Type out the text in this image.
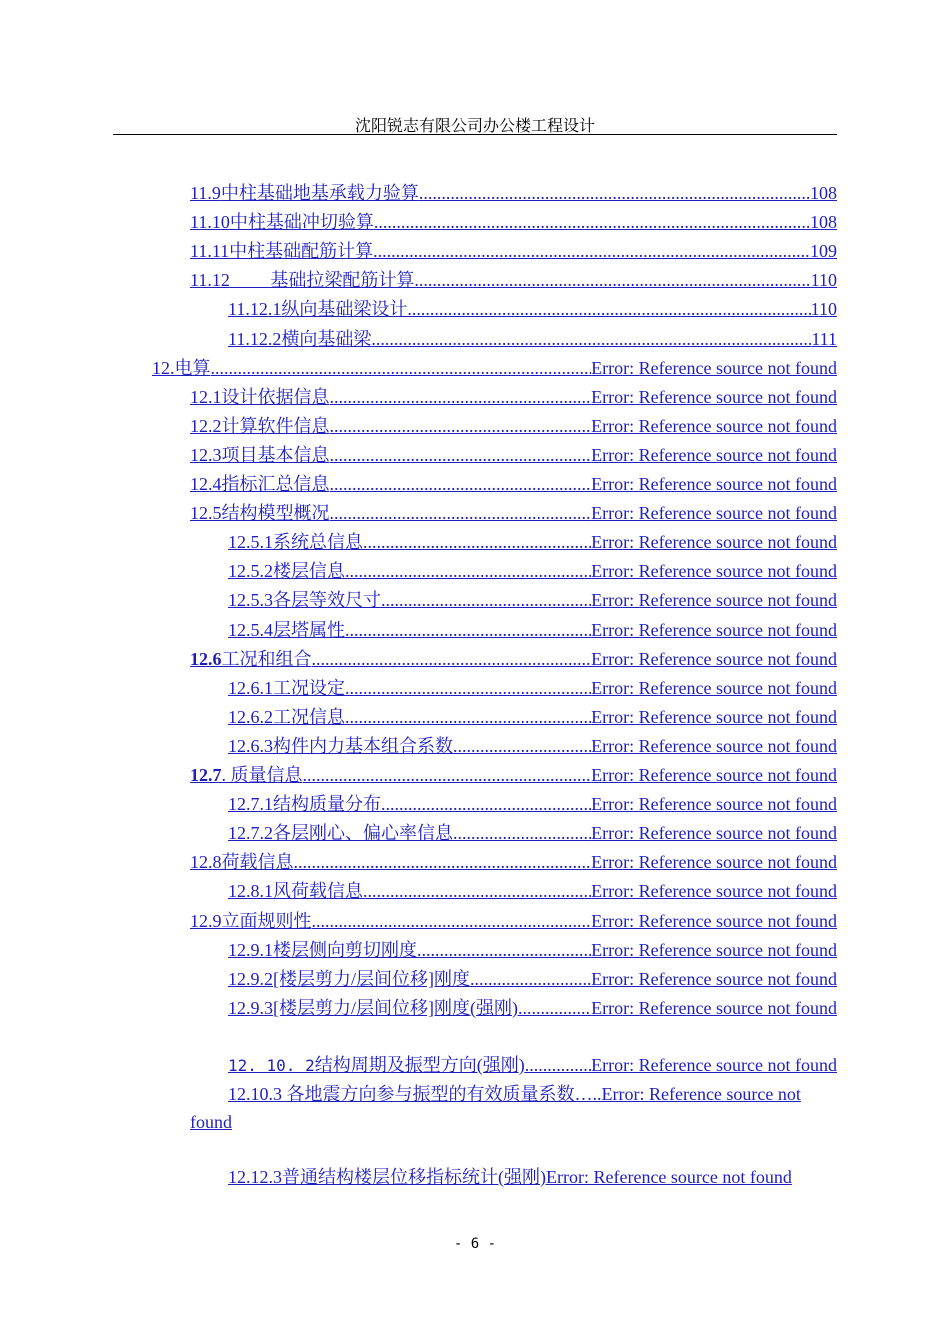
沈阳锐志有限公司办公楼工程设计
11.9 中柱基础地基承载力验算 .....	108
11.10 中柱基础冲切验算 .....	108
11.11 中柱基础配筋计算 .....	109
11.12 基础拉梁配筋计算 .....	110
11.12.1 纵向基础梁设计 .....	110
11.12.2 横向基础梁 .....	111
12. 电算 .....	Error: Reference source not found
12.1 设计依据信息 .....	Error: Reference source not found
12.2 计算软件信息 .....	Error: Reference source not found
12.3 项目基本信息 .....	Error: Reference source not found
12.4 指标汇总信息 .....	Error: Reference source not found
12.5 结构模型概况 .....	Error: Reference source not found
12.5.1 系统总信息 .....	Error: Reference source not found
12.5.2 楼层信息 .....	Error: Reference source not found
12.5.3 各层等效尺寸 .....	Error: Reference source not found
12.5.4 层塔属性 .....	Error: Reference source not found
12.6 工况和组合 .....	Error: Reference source not found
12.6.1 工况设定 .....	Error: Reference source not found
12.6.2 工况信息 .....	Error: Reference source not found
12.6.3 构件内力基本组合系数 .....	Error: Reference source not found
12.7 . 质量信息 .....	Error: Reference source not found
12.7.1 结构质量分布 .....	Error: Reference source not found
12.7.2 各层刚心、偏心率信息 .....	Error: Reference source not found
12.8 荷载信息 .....	Error: Reference source not found
12.8.1 风荷载信息 .....	Error: Reference source not found
12.9 立面规则性 .....	Error: Reference source not found
12.9.1 楼层侧向剪切刚度 .....	Error: Reference source not found
12.9.2 [楼层剪力/层间位移]刚度 .....	Error: Reference source not found
12.9.3 [楼层剪力/层间位移]刚度(强刚) .....	Error: Reference source not found
12. 10. 2 结构周期及振型方向(强刚) .....	Error: Reference source not found
12.10.3 各地震方向参与振型的有效质量系数…..Error: Reference source not
found
12.12.3 普通结构楼层位移指标统计(强刚) Error: Reference source not found
- 6 -
